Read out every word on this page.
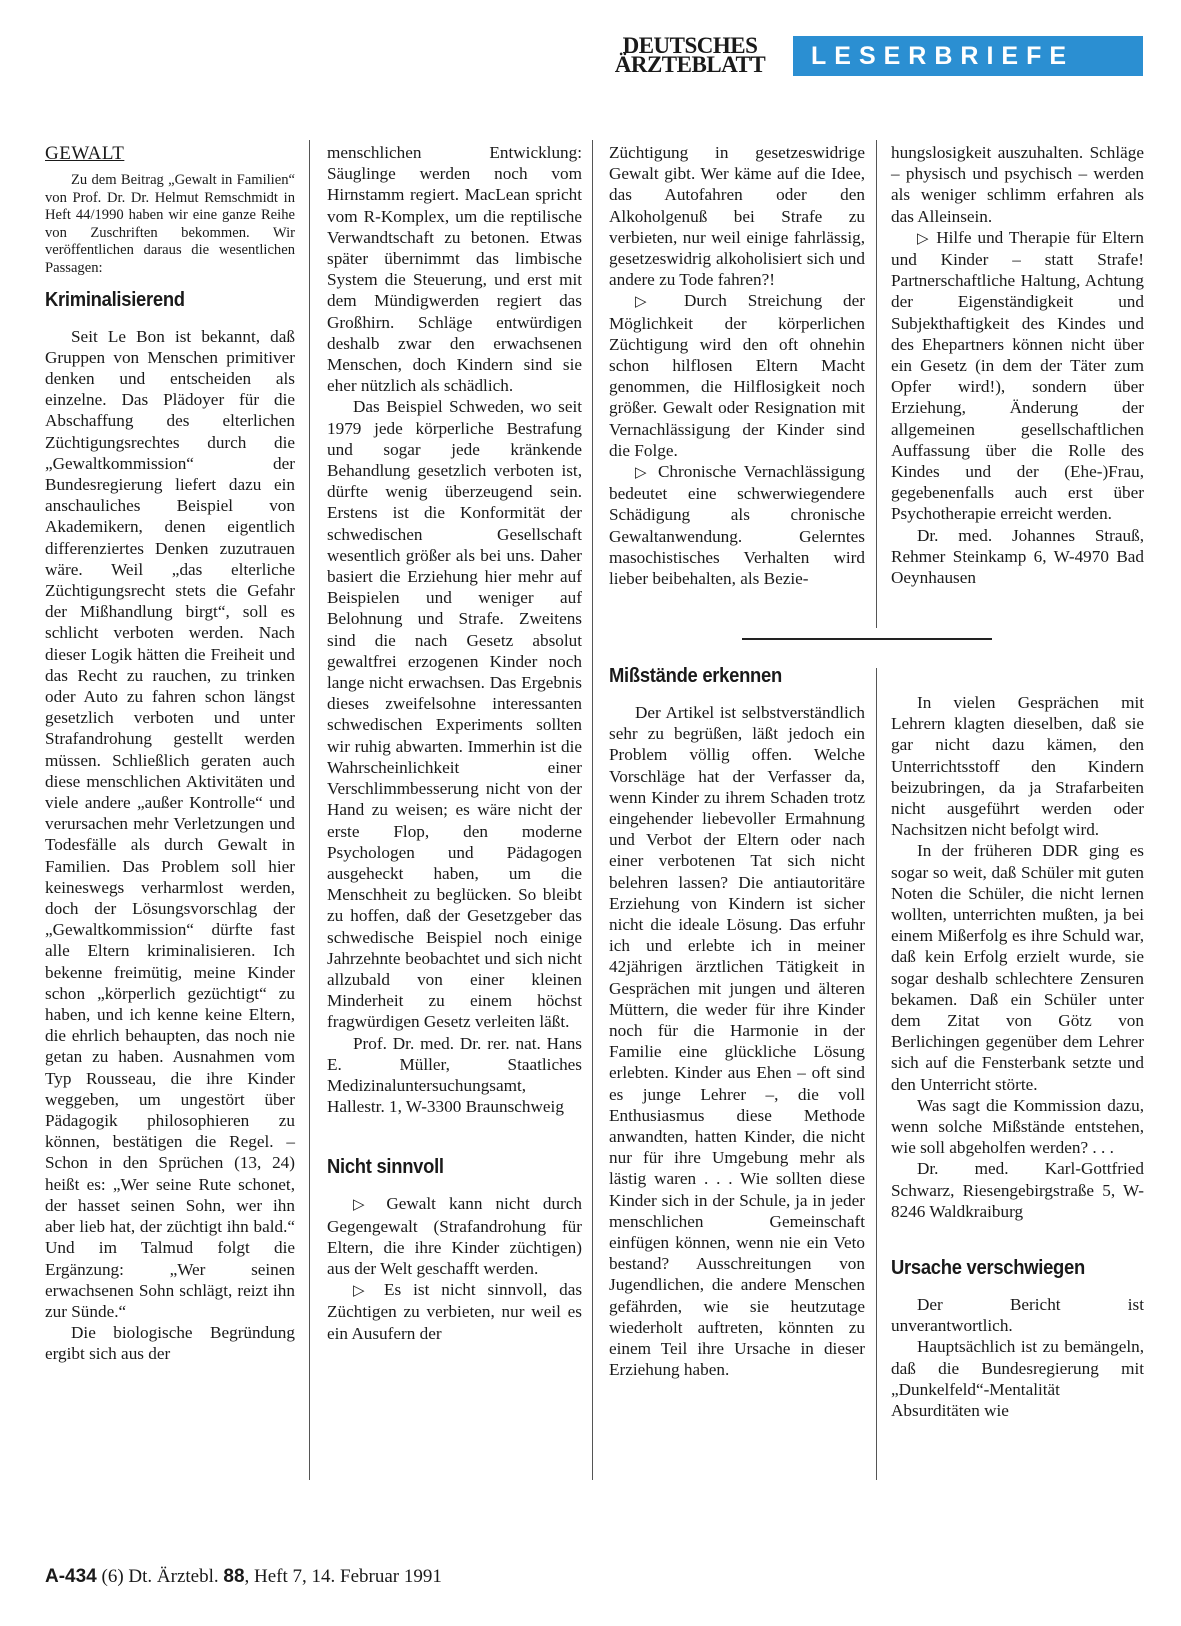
DEUTSCHES
ÄRZTEBLATT	LESERBRIEFE
GEWALT

Zu dem Beitrag „Gewalt in Familien“ von Prof. Dr. Dr. Helmut Remschmidt in Heft 44/1990 haben wir eine ganze Reihe von Zuschriften bekommen. Wir veröffentlichen daraus die wesentlichen Passagen:

Kriminalisierend

Seit Le Bon ist bekannt, daß Gruppen von Menschen primitiver denken und entscheiden als einzelne. Das Plädoyer für die Abschaffung des elterlichen Züchtigungsrechtes durch die „Gewaltkommission“ der Bundesregierung liefert dazu ein anschauliches Beispiel von Akademikern, denen eigentlich differenziertes Denken zuzutrauen wäre. Weil „das elterliche Züchtigungsrecht stets die Gefahr der Mißhandlung birgt“, soll es schlicht verboten werden. Nach dieser Logik hätten die Freiheit und das Recht zu rauchen, zu trinken oder Auto zu fahren schon längst gesetzlich verboten und unter Strafandrohung gestellt werden müssen. Schließlich geraten auch diese menschlichen Aktivitäten und viele andere „außer Kontrolle“ und verursachen mehr Verletzungen und Todesfälle als durch Gewalt in Familien. Das Problem soll hier keineswegs verharmlost werden, doch der Lösungsvorschlag der „Gewaltkommission“ dürfte fast alle Eltern kriminalisieren. Ich bekenne freimütig, meine Kinder schon „körperlich gezüchtigt“ zu haben, und ich kenne keine Eltern, die ehrlich behaupten, das noch nie getan zu haben. Ausnahmen vom Typ Rousseau, die ihre Kinder weggeben, um ungestört über Pädagogik philosophieren zu können, bestätigen die Regel. – Schon in den Sprüchen (13, 24) heißt es: „Wer seine Rute schonet, der hasset seinen Sohn, wer ihn aber lieb hat, der züchtigt ihn bald.“ Und im Talmud folgt die Ergänzung: „Wer seinen erwachsenen Sohn schlägt, reizt ihn zur Sünde.“

Die biologische Begründung ergibt sich aus der

menschlichen Entwicklung: Säuglinge werden noch vom Hirnstamm regiert. MacLean spricht vom R-Komplex, um die reptilische Verwandtschaft zu betonen. Etwas später übernimmt das limbische System die Steuerung, und erst mit dem Mündigwerden regiert das Großhirn. Schläge entwürdigen deshalb zwar den erwachsenen Menschen, doch Kindern sind sie eher nützlich als schädlich.

Das Beispiel Schweden, wo seit 1979 jede körperliche Bestrafung und sogar jede kränkende Behandlung gesetzlich verboten ist, dürfte wenig überzeugend sein. Erstens ist die Konformität der schwedischen Gesellschaft wesentlich größer als bei uns. Daher basiert die Erziehung hier mehr auf Beispielen und weniger auf Belohnung und Strafe. Zweitens sind die nach Gesetz absolut gewaltfrei erzogenen Kinder noch lange nicht erwachsen. Das Ergebnis dieses zweifelsohne interessanten schwedischen Experiments sollten wir ruhig abwarten. Immerhin ist die Wahrscheinlichkeit einer Verschlimmbesserung nicht von der Hand zu weisen; es wäre nicht der erste Flop, den moderne Psychologen und Pädagogen ausgeheckt haben, um die Menschheit zu beglücken. So bleibt zu hoffen, daß der Gesetzgeber das schwedische Beispiel noch einige Jahrzehnte beobachtet und sich nicht allzubald von einer kleinen Minderheit zu einem höchst fragwürdigen Gesetz verleiten läßt.

Prof. Dr. med. Dr. rer. nat. Hans E. Müller, Staatliches Medizinaluntersuchungsamt, Hallestr. 1, W-3300 Braunschweig

Nicht sinnvoll

▷ Gewalt kann nicht durch Gegengewalt (Strafandrohung für Eltern, die ihre Kinder züchtigen) aus der Welt geschafft werden.

▷ Es ist nicht sinnvoll, das Züchtigen zu verbieten, nur weil es ein Ausufern der

Züchtigung in gesetzeswidrige Gewalt gibt. Wer käme auf die Idee, das Autofahren oder den Alkoholgenuß bei Strafe zu verbieten, nur weil einige fahrlässig, gesetzeswidrig alkoholisiert sich und andere zu Tode fahren?!

▷ Durch Streichung der Möglichkeit der körperlichen Züchtigung wird den oft ohnehin schon hilflosen Eltern Macht genommen, die Hilflosigkeit noch größer. Gewalt oder Resignation mit Vernachlässigung der Kinder sind die Folge.

▷ Chronische Vernachlässigung bedeutet eine schwerwiegendere Schädigung als chronische Gewaltanwendung. Gelerntes masochistisches Verhalten wird lieber beibehalten, als Bezie-

hungslosigkeit auszuhalten. Schläge – physisch und psychisch – werden als weniger schlimm erfahren als das Alleinsein.

▷ Hilfe und Therapie für Eltern und Kinder – statt Strafe! Partnerschaftliche Haltung, Achtung der Eigenständigkeit und Subjekthaftigkeit des Kindes und des Ehepartners können nicht über ein Gesetz (in dem der Täter zum Opfer wird!), sondern über Erziehung, Änderung der allgemeinen gesellschaftlichen Auffassung über die Rolle des Kindes und der (Ehe-)Frau, gegebenenfalls auch erst über Psychotherapie erreicht werden.

Dr. med. Johannes Strauß, Rehmer Steinkamp 6, W-4970 Bad Oeynhausen

Mißstände erkennen

Der Artikel ist selbstverständlich sehr zu begrüßen, läßt jedoch ein Problem völlig offen. Welche Vorschläge hat der Verfasser da, wenn Kinder zu ihrem Schaden trotz eingehender liebevoller Ermahnung und Verbot der Eltern oder nach einer verbotenen Tat sich nicht belehren lassen? Die antiautoritäre Erziehung von Kindern ist sicher nicht die ideale Lösung. Das erfuhr ich und erlebte ich in meiner 42jährigen ärztlichen Tätigkeit in Gesprächen mit jungen und älteren Müttern, die weder für ihre Kinder noch für die Harmonie in der Familie eine glückliche Lösung erlebten. Kinder aus Ehen – oft sind es junge Lehrer –, die voll Enthusiasmus diese Methode anwandten, hatten Kinder, die nicht nur für ihre Umgebung mehr als lästig waren . . . Wie sollten diese Kinder sich in der Schule, ja in jeder menschlichen Gemeinschaft einfügen können, wenn nie ein Veto bestand? Ausschreitungen von Jugendlichen, die andere Menschen gefährden, wie sie heutzutage wiederholt auftreten, könnten zu einem Teil ihre Ursache in dieser Erziehung haben.

In vielen Gesprächen mit Lehrern klagten dieselben, daß sie gar nicht dazu kämen, den Unterrichtsstoff den Kindern beizubringen, da ja Strafarbeiten nicht ausgeführt werden oder Nachsitzen nicht befolgt wird.

In der früheren DDR ging es sogar so weit, daß Schüler mit guten Noten die Schüler, die nicht lernen wollten, unterrichten mußten, ja bei einem Mißerfolg es ihre Schuld war, daß kein Erfolg erzielt wurde, sie sogar deshalb schlechtere Zensuren bekamen. Daß ein Schüler unter dem Zitat von Götz von Berlichingen gegenüber dem Lehrer sich auf die Fensterbank setzte und den Unterricht störte.

Was sagt die Kommission dazu, wenn solche Mißstände entstehen, wie soll abgeholfen werden? . . .

Dr. med. Karl-Gottfried Schwarz, Riesengebirgstraße 5, W-8246 Waldkraiburg

Ursache verschwiegen

Der Bericht ist unverantwortlich.

Hauptsächlich ist zu bemängeln, daß die Bundesregierung mit „Dunkelfeld“-Mentalität Absurditäten wie

A-434 (6) Dt. Ärztebl. 88, Heft 7, 14. Februar 1991
